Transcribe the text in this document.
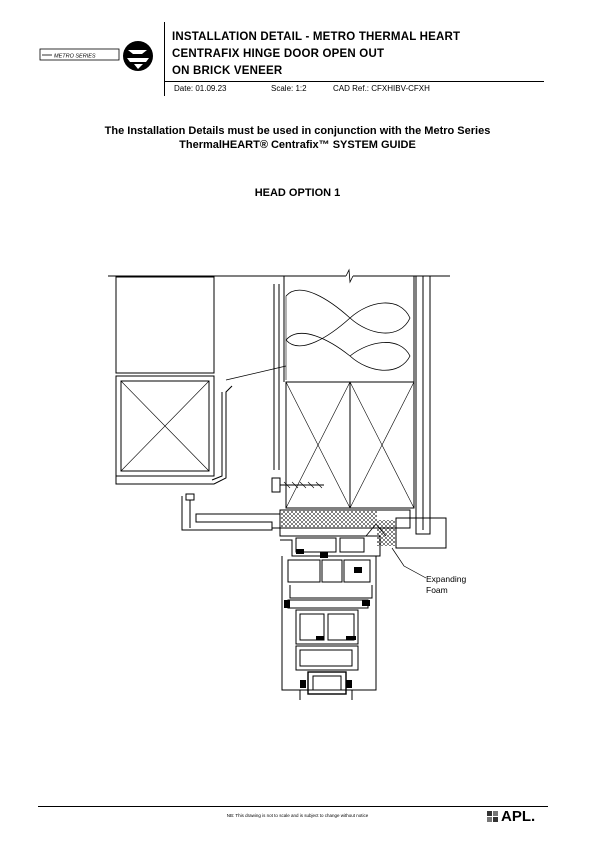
METRO SERIES
INSTALLATION DETAIL - METRO THERMAL HEART
CENTRAFIX HINGE DOOR OPEN OUT
ON BRICK VENEER
Date: 01.09.23	Scale: 1:2	CAD Ref.: CFXHIBV-CFXH
The Installation Details must be used in conjunction with the Metro Series
ThermalHEART® Centrafix™ SYSTEM GUIDE
HEAD OPTION 1
Expanding
Foam
NB: This drawing is not to scale and is subject to change without notice	APL.
